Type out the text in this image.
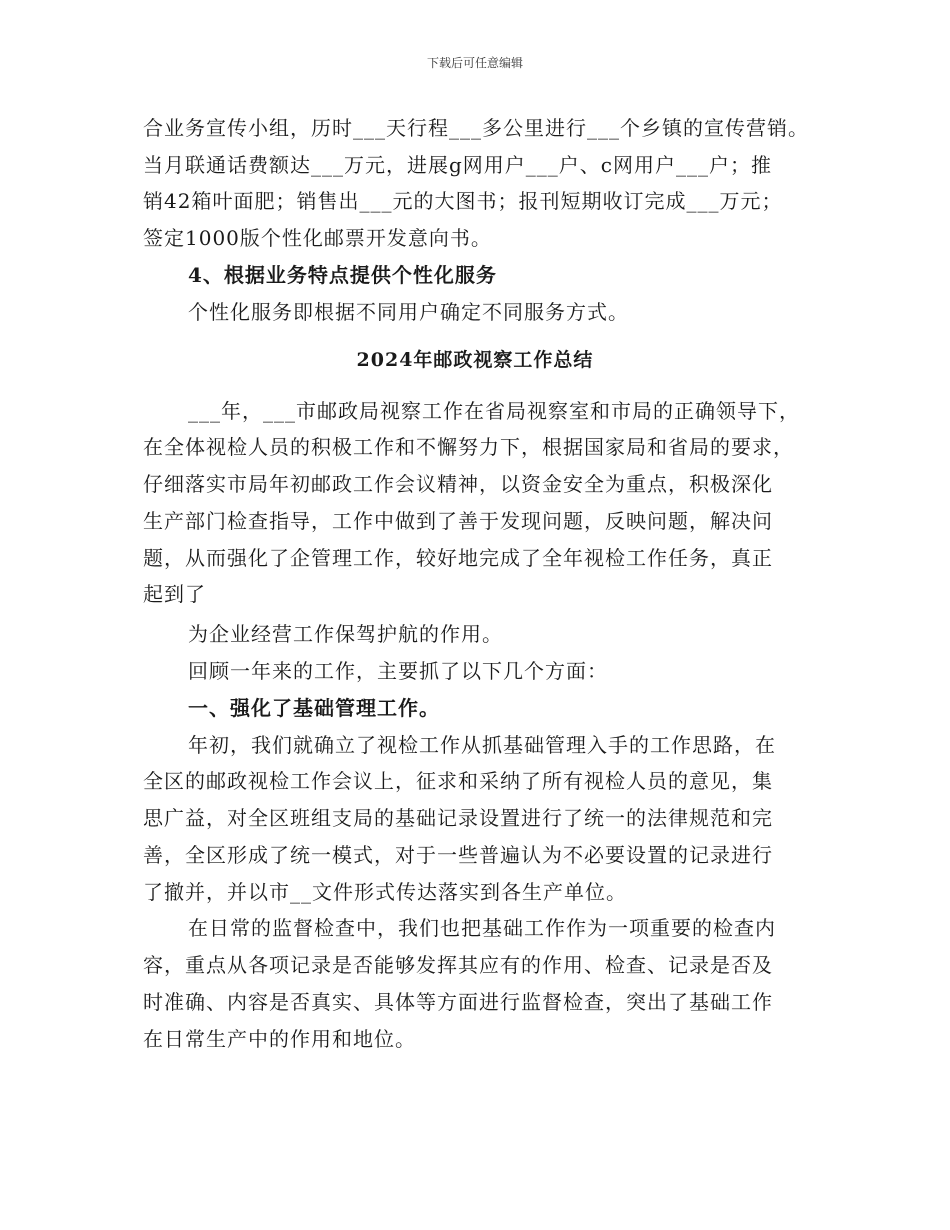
下载后可任意编辑

合业务宣传小组，历时___天行程___多公里进行___个乡镇的宣传营销。

当月联通话费额达___万元，进展g网用户___户、c网用户___户；推

销42箱叶面肥；销售出___元的大图书；报刊短期收订完成___万元；

签定1000版个性化邮票开发意向书。

4、根据业务特点提供个性化服务

个性化服务即根据不同用户确定不同服务方式。

2024年邮政视察工作总结

___年，___市邮政局视察工作在省局视察室和市局的正确领导下，

在全体视检人员的积极工作和不懈努力下，根据国家局和省局的要求，

仔细落实市局年初邮政工作会议精神，以资金安全为重点，积极深化

生产部门检查指导，工作中做到了善于发现问题，反映问题，解决问

题，从而强化了企管理工作，较好地完成了全年视检工作任务，真正

起到了

为企业经营工作保驾护航的作用。

回顾一年来的工作，主要抓了以下几个方面：

一、强化了基础管理工作。

年初，我们就确立了视检工作从抓基础管理入手的工作思路，在

全区的邮政视检工作会议上，征求和采纳了所有视检人员的意见，集

思广益，对全区班组支局的基础记录设置进行了统一的法律规范和完

善，全区形成了统一模式，对于一些普遍认为不必要设置的记录进行

了撤并，并以市__文件形式传达落实到各生产单位。

在日常的监督检查中，我们也把基础工作作为一项重要的检查内

容，重点从各项记录是否能够发挥其应有的作用、检查、记录是否及

时准确、内容是否真实、具体等方面进行监督检查，突出了基础工作

在日常生产中的作用和地位。
